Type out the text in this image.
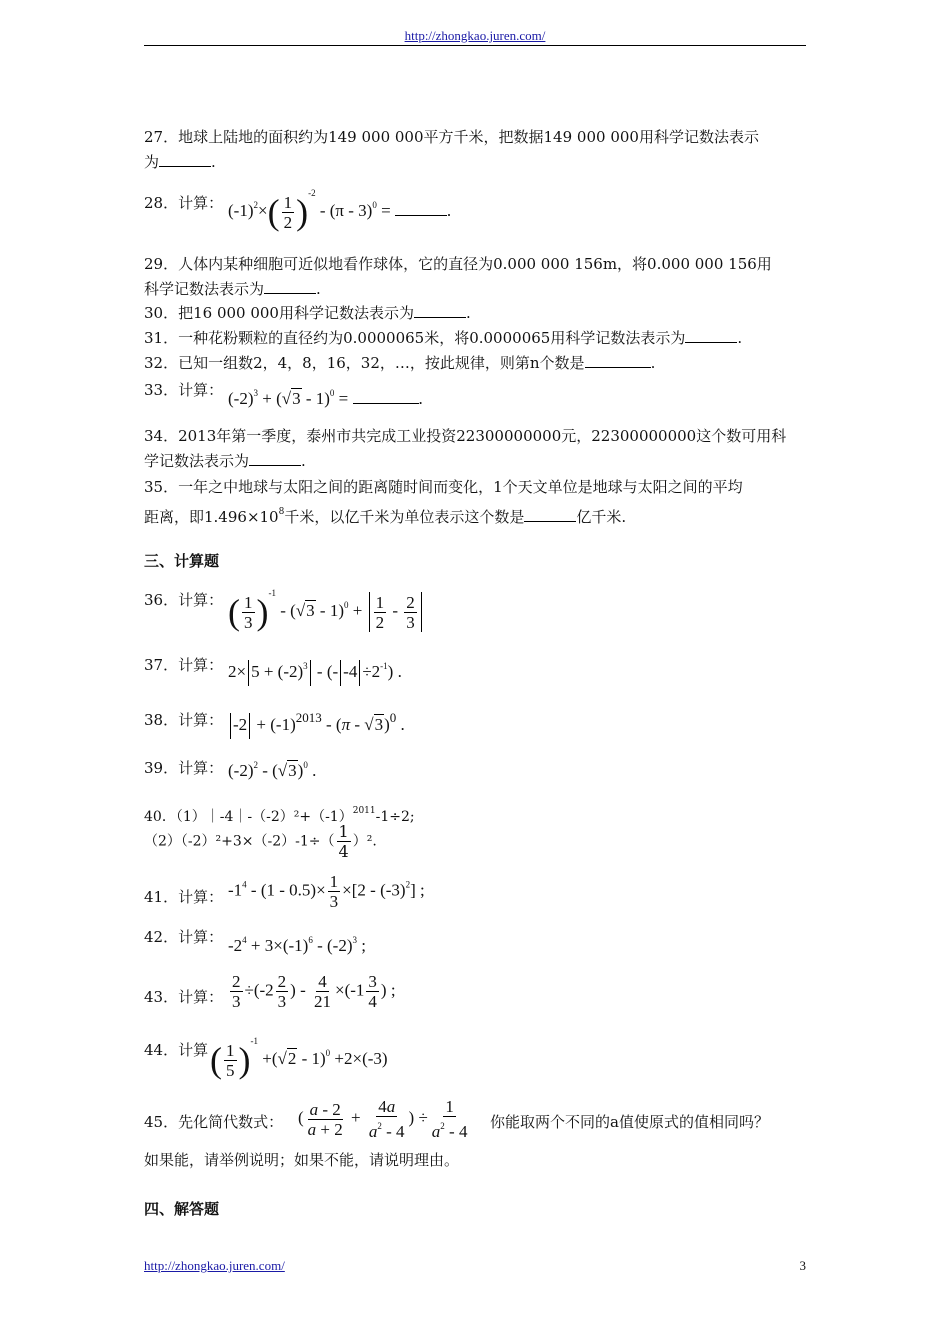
http://zhongkao.juren.com/
27．地球上陆地的面积约为149 000 000平方千米，把数据149 000 000用科学记数法表示
为	.
28．计算： $(-1)^2\times( \frac{1}{2} )^{-2} - (\pi - 3)^0$ =	.
29．人体内某种细胞可近似地看作球体，它的直径为0.000 000 156m，将0.000 000 156用
科学记数法表示为	.
30．把16 000 000用科学记数法表示为	.
31．一种花粉颗粒的直径约为0.0000065米，将0.0000065用科学记数法表示为	.
32．已知一组数2，4，8，16，32，…，按此规律，则第n个数是	.
33．计算： $(-2)^3 + (√3 - 1)^0$ =	.
34．2013年第一季度，泰州市共完成工业投资22300000000元，22300000000这个数可用科
学记数法表示为	.
35．一年之中地球与太阳之间的距离随时间而变化，1个天文单位是地球与太阳之间的平均
距离，即$1.496\times 10^8$千米，以亿千米为单位表示这个数是	亿千米.
三、计算题
36．计算： ( $\frac{1}{3} )^{-1} - (√3 - 1)^0 + \frac{1}{2} - \frac{2}{3}$
37．计算： $2\times 5 + (-2)^3$ - (- $-4 \div 2^{-1}$) .
38．计算： $-2 + (-1)^{2013} - (\pi - √3)^0$ .
39．计算： $(-2)^2 - (√3)^0$ .
40．$(1)|-4|-(-2)^2+(-1)^{2011}-1\div 2$;
$(2)(-2)^2+3\times(-2)-1\div( \frac{1}{4} )^2$.
41．计算： $-1^4 - (1 - 0.5)\times \frac{1}{3} \times[2 - (-3)^2]$ ;
42．计算： $-2^4 + 3\times(-1)^6 - (-2)^3$ ;
43．计算： $\frac{2}{3} \div(-2 \frac{2}{3}$ ) - $\frac{4}{21} \times(-1 \frac{3}{4}$ ) ;
44．计算 ( $\frac{1}{5} )^{-1} +(√2 - 1)^0 +2\times(-3)$
45．先化简代数式： ( $\frac{a - 2}{a + 2} + \frac{4a}{a^2 - 4}$ ) ÷ $\frac{1}{a^2 - 4}$ 你能取两个不同的a值使原式的值相同吗？
如果能，请举例说明；如果不能，请说明理由。
四、解答题
http://zhongkao.juren.com/	3
